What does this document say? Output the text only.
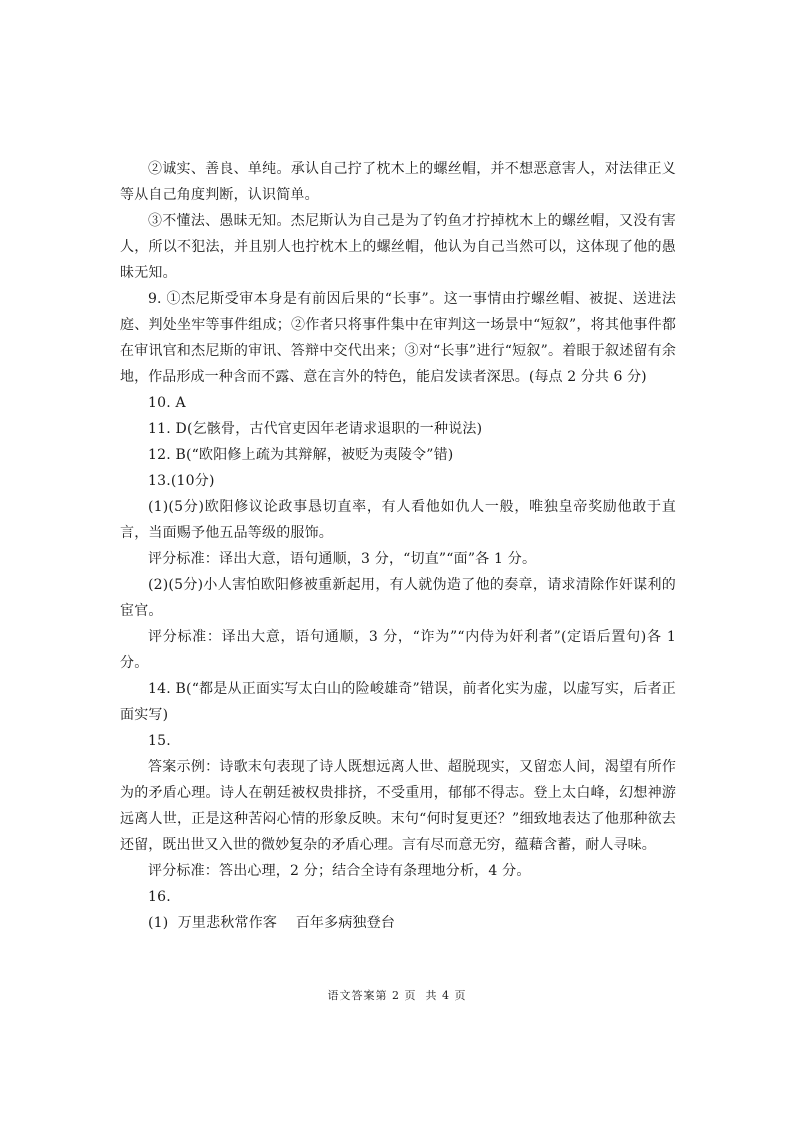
②诚实、善良、单纯。承认自己拧了枕木上的螺丝帽，并不想恶意害人，对法律正义等从自己角度判断，认识简单。

③不懂法、愚昧无知。杰尼斯认为自己是为了钓鱼才拧掉枕木上的螺丝帽，又没有害人，所以不犯法，并且别人也拧枕木上的螺丝帽，他认为自己当然可以，这体现了他的愚昧无知。

9. ①杰尼斯受审本身是有前因后果的“长事”。这一事情由拧螺丝帽、被捉、送进法庭、判处坐牢等事件组成；②作者只将事件集中在审判这一场景中“短叙”，将其他事件都在审讯官和杰尼斯的审讯、答辩中交代出来；③对“长事”进行“短叙”。着眼于叙述留有余地，作品形成一种含而不露、意在言外的特色，能启发读者深思。(每点 2 分共 6 分)

10. A

11. D(乞骸骨，古代官吏因年老请求退职的一种说法)

12. B(“欧阳修上疏为其辩解，被贬为夷陵令”错)

13.(10分)

(1)(5分)欧阳修议论政事恳切直率，有人看他如仇人一般，唯独皇帝奖励他敢于直言，当面赐予他五品等级的服饰。

评分标准：译出大意，语句通顺，3 分，“切直”“面”各 1 分。

(2)(5分)小人害怕欧阳修被重新起用，有人就伪造了他的奏章，请求清除作奸谋利的宦官。

评分标准：译出大意，语句通顺，3 分，“诈为”“内侍为奸利者”(定语后置句)各 1 分。

14. B(“都是从正面实写太白山的险峻雄奇”错误，前者化实为虚，以虚写实，后者正面实写)

15.

答案示例：诗歌末句表现了诗人既想远离人世、超脱现实，又留恋人间，渴望有所作为的矛盾心理。诗人在朝廷被权贵排挤，不受重用，郁郁不得志。登上太白峰，幻想神游远离人世，正是这种苦闷心情的形象反映。末句“何时复更还？”细致地表达了他那种欲去还留，既出世又入世的微妙复杂的矛盾心理。言有尽而意无穷，蕴藉含蓄，耐人寻味。

评分标准：答出心理，2 分；结合全诗有条理地分析，4 分。

16.

(1)  万里悲秋常作客    百年多病独登台

语文答案第 2 页  共 4 页
